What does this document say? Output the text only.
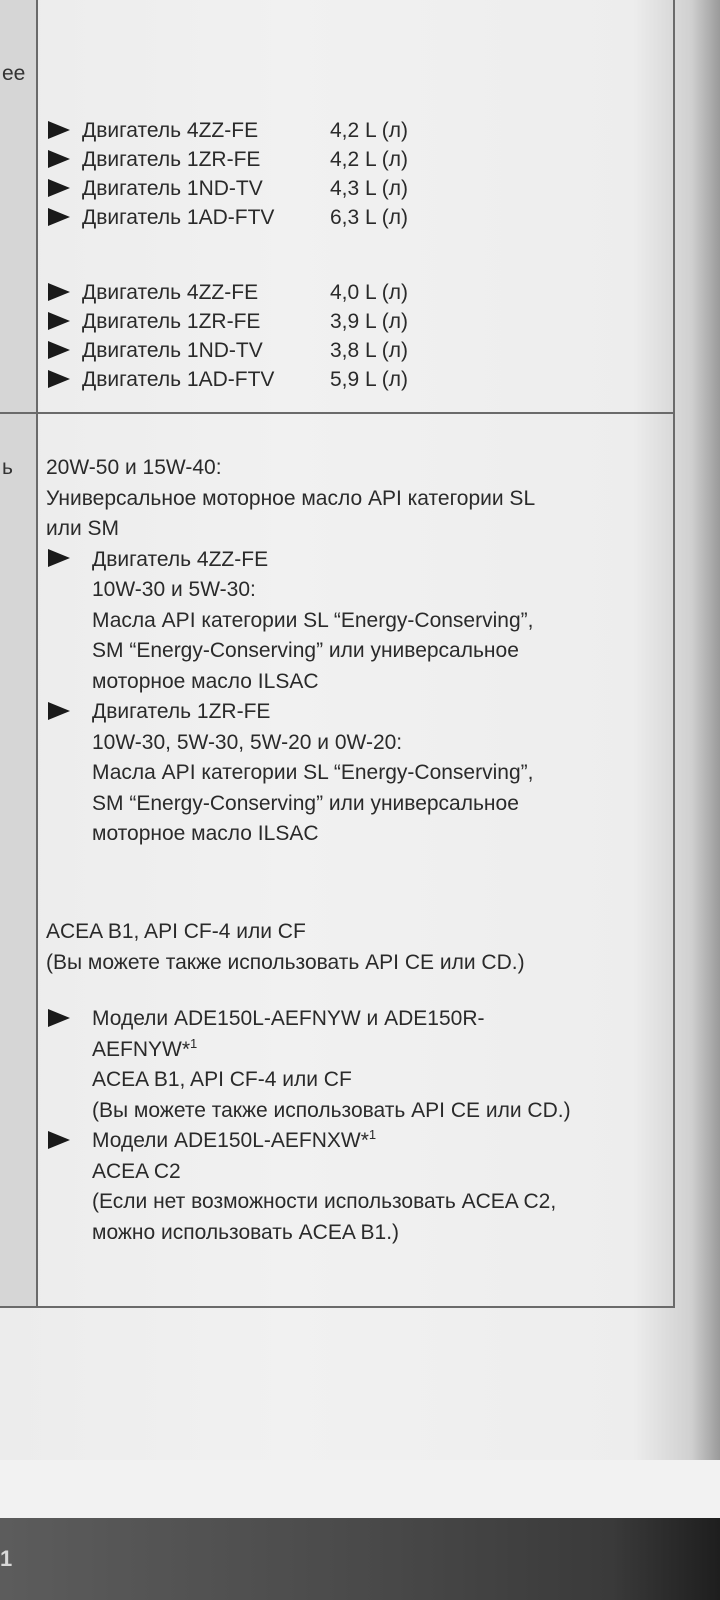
ее
ь
Двигатель 4ZZ-FE	4,2 L (л)
Двигатель 1ZR-FE	4,2 L (л)
Двигатель 1ND-TV	4,3 L (л)
Двигатель 1AD-FTV	6,3 L (л)
Двигатель 4ZZ-FE	4,0 L (л)
Двигатель 1ZR-FE	3,9 L (л)
Двигатель 1ND-TV	3,8 L (л)
Двигатель 1AD-FTV	5,9 L (л)
20W-50 и 15W-40:
Универсальное моторное масло API категории SL
или SM
Двигатель 4ZZ-FE
10W-30 и 5W-30:
Масла API категории SL “Energy-Conserving”,
SM “Energy-Conserving” или универсальное
моторное масло ILSAC
Двигатель 1ZR-FE
10W-30, 5W-30, 5W-20 и 0W-20:
Масла API категории SL “Energy-Conserving”,
SM “Energy-Conserving” или универсальное
моторное масло ILSAC
ACEA B1, API CF-4 или CF
(Вы можете также использовать API CE или CD.)
Модели ADE150L-AEFNYW и ADE150R-
AEFNYW*$^1$
ACEA B1, API CF-4 или CF
(Вы можете также использовать API CE или CD.)
Модели ADE150L-AEFNXW*$^1$
ACEA C2
(Если нет возможности использовать ACEA C2,
можно использовать ACEA B1.)
1
